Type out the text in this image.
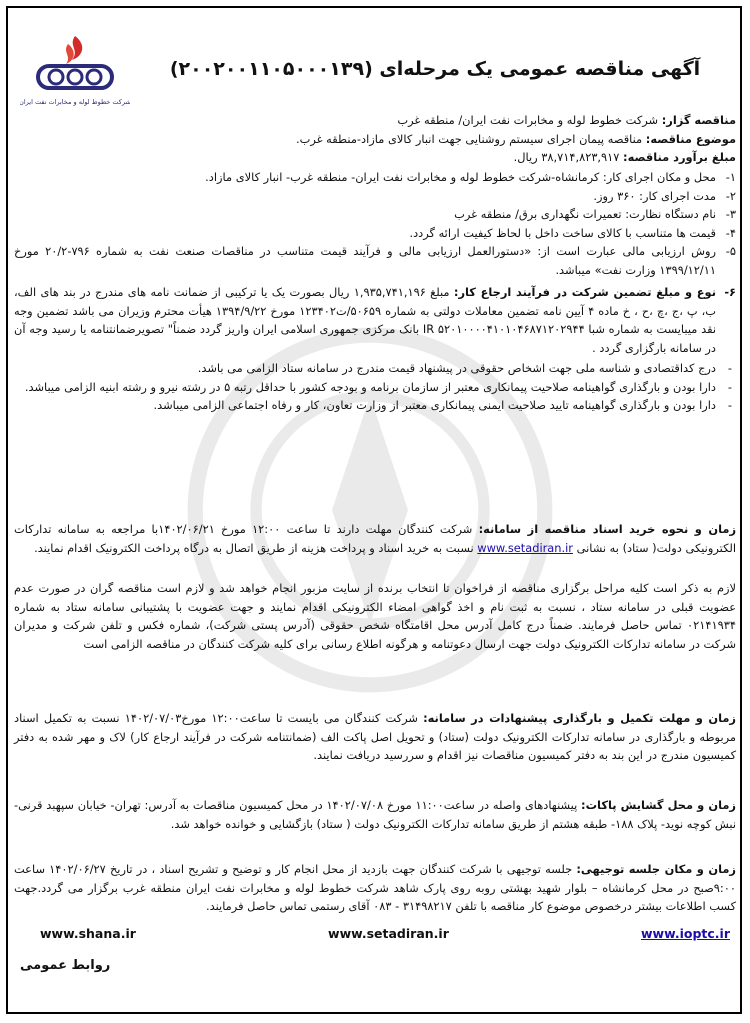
شرکت خطوط لوله و مخابرات نفت ایران
آگهی مناقصه عمومی یک مرحله‌ای (۲۰۰۲۰۰۱۱۰۵۰۰۰۱۳۹)
مناقصه گزار: شرکت خطوط لوله و مخابرات نفت ایران/ منطقه غرب
موضوع مناقصه: مناقصه پیمان اجرای سیستم روشنایی جهت انبار کالای مازاد-منطقه غرب.
مبلغ برآورد مناقصه: ۳۸,۷۱۴,۸۲۳,۹۱۷ ریال.
۱-
محل و مکان اجرای کار: کرمانشاه-شرکت خطوط لوله و مخابرات نفت ایران- منطقه غرب- انبار کالای مازاد.
۲-
مدت اجرای کار: ۳۶۰ روز.
۳-
نام دستگاه نظارت: تعمیرات نگهداری برق/ منطقه غرب
۴-
قیمت ها متناسب با کالای ساخت داخل با لحاظ کیفیت ارائه گردد.
۵-
روش ارزیابی مالی عبارت است از: «دستورالعمل ارزیابی مالی و فرآیند قیمت متناسب در مناقصات صنعت نفت به شماره ۷۹۶-۲۰/۲ مورخ ۱۳۹۹/۱۲/۱۱ وزارت نفت» میباشد.
۶-
نوع و مبلغ تضمین شرکت در فرآیند ارجاع کار: مبلغ ۱,۹۳۵,۷۴۱,۱۹۶ ریال بصورت یک یا ترکیبی از ضمانت نامه های مندرج در بند های الف، ب، پ ،ج ،چ ،ح ، خ ماده ۴ آیین نامه تضمین معاملات دولتی به شماره ۵۰۶۵۹/ت۱۲۳۴۰۲ مورخ ۱۳۹۴/۹/۲۲ هیأت محترم وزیران می باشد تضمین وجه نقد میبایست به شماره شبا IR ۵۲۰۱۰۰۰۰۴۱۰۱۰۴۶۸۷۱۲۰۲۹۴۴ بانک مرکزی جمهوری اسلامی ایران واریز گردد ضمناً" تصویرضمانتنامه یا رسید وجه آن در سامانه بارگزاری گردد .
- درج کداقتصادی و شناسه ملی جهت اشخاص حقوقی در پیشنهاد قیمت مندرج در سامانه ستاد الزامی می باشد.
- دارا بودن و بارگذاری گواهینامه صلاحیت پیمانکاری معتبر از سازمان برنامه و بودجه کشور با حداقل رتبه ۵ در رشته نیرو و رشته ابنیه الزامی میباشد.
- دارا بودن و بارگذاری گواهینامه تایید صلاحیت ایمنی پیمانکاری معتبر از وزارت تعاون، کار و رفاه اجتماعی الزامی میباشد.
زمان و نحوه خرید اسناد مناقصه از سامانه: شرکت کنندگان مهلت دارند تا ساعت ۱۲:۰۰ مورخ ۱۴۰۲/۰۶/۲۱با مراجعه به سامانه تدارکات الکترونیکی دولت( ستاد) به نشانی www.setadiran.ir نسبت به خرید اسناد و پرداخت هزینه از طریق اتصال به درگاه پرداخت الکترونیک اقدام نمایند.
لازم به ذکر است کلیه مراحل برگزاری مناقصه از فراخوان تا انتخاب برنده از سایت مزبور انجام خواهد شد و لازم است مناقصه گران در صورت عدم عضویت قبلی در سامانه ستاد ، نسبت به ثبت نام و اخذ گواهی امضاء الکترونیکی اقدام نمایند و جهت عضویت با پشتیبانی سامانه ستاد به شماره ۰۲۱۴۱۹۳۴ تماس حاصل فرمایند. ضمناً درج کامل آدرس محل اقامتگاه شخص حقوقی (آدرس پستی شرکت)، شماره فکس و تلفن شرکت و مدیران شرکت در سامانه تدارکات الکترونیک دولت جهت ارسال دعوتنامه و هرگونه اطلاع رسانی برای کلیه شرکت کنندگان در مناقصه الزامی است
زمان و مهلت تکمیل و بارگذاری پیشنهادات در سامانه: شرکت کنندگان می بایست تا ساعت۱۲:۰۰ مورخ۱۴۰۲/۰۷/۰۳ نسبت به تکمیل اسناد مربوطه و بارگذاری در سامانه تدارکات الکترونیک دولت (ستاد) و تحویل اصل پاکت الف (ضمانتنامه شرکت در فرآیند ارجاع کار) لاک و مهر شده به دفتر کمیسیون مندرج در این بند به دفتر کمیسیون مناقصات نیز اقدام و سررسید دریافت نمایند.
زمان و محل گشایش پاکات: پیشنهادهای واصله در ساعت۱۱:۰۰ مورخ ۱۴۰۲/۰۷/۰۸ در محل کمیسیون مناقصات به آدرس: تهران- خیابان سپهبد قرنی- نبش کوچه نوید- پلاک ۱۸۸- طبقه هشتم از طریق سامانه تدارکات الکترونیک دولت ( ستاد) بازگشایی و خوانده خواهد شد.
زمان و مکان جلسه توجیهی: جلسه توجیهی با شرکت کنندگان جهت بازدید از محل انجام کار و توضیح و تشریح اسناد ، در تاریخ ۱۴۰۲/۰۶/۲۷ ساعت ۹:۰۰صبح در محل کرمانشاه – بلوار شهید بهشتی روبه روی پارک شاهد شرکت خطوط لوله و مخابرات نفت ایران منطقه غرب برگزار می گردد.جهت کسب اطلاعات بیشتر درخصوص موضوع کار مناقصه با تلفن ۳۱۴۹۸۲۱۷ - ۰۸۳ آقای رستمی تماس حاصل فرمایند.
www.shana.ir	www.setadiran.ir	www.ioptc.ir
روابط عمومی
